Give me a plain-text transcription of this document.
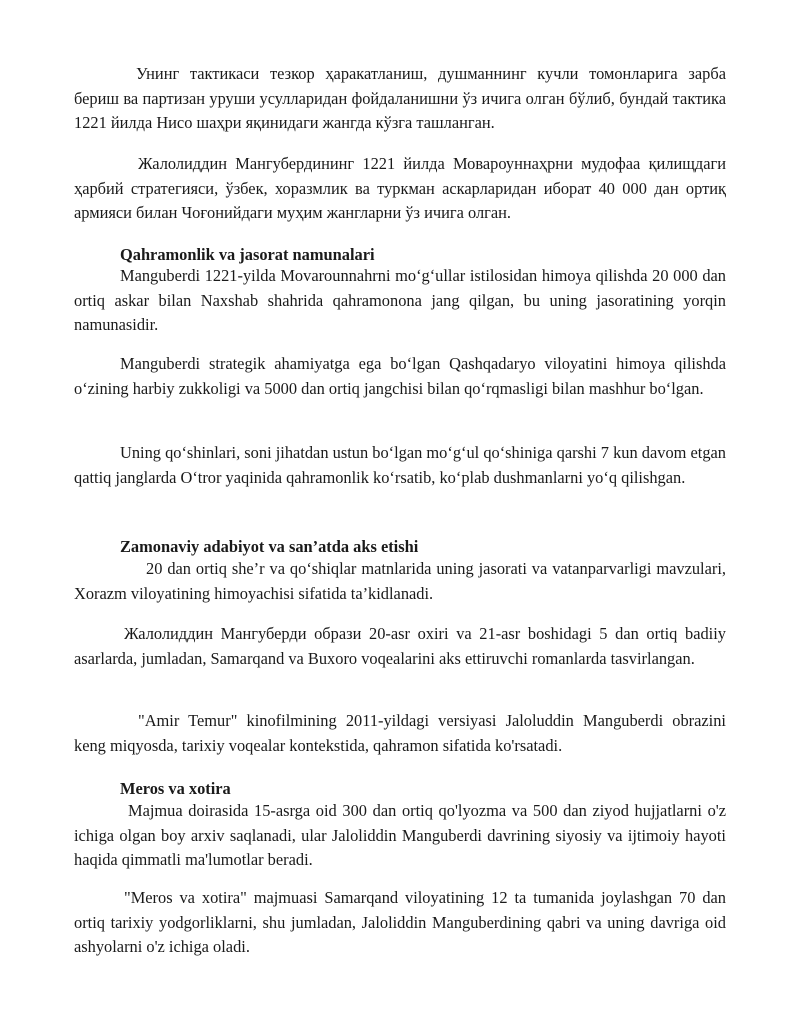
Унинг тактикаси тезкор ҳаракатланиш, душманнинг кучли томонларига зарба бериш ва партизан уруши усулларидан фойдаланишни ўз ичига олган бўлиб, бундай тактика 1221 йилда Нисо шаҳри яқинидаги жангда кўзга ташланган.

Жалолиддин Мангубердининг 1221 йилда Мовароуннаҳрни мудофаа қилищдаги ҳарбий стратегияси, ўзбек, хоразмлик ва туркман аскарларидан иборат 40 000 дан ортиқ армияси билан Чоғонийдаги муҳим жангларни ўз ичига олган.

Qahramonlik va jasorat namunalari

Manguberdi 1221-yilda Movarounnahrni moʻgʻullar istilosidan himoya qilishda 20 000 dan ortiq askar bilan Naxshab shahrida qahramonona jang qilgan, bu uning jasoratining yorqin namunasidir.

Manguberdi strategik ahamiyatga ega boʻlgan Qashqadaryo viloyatini himoya qilishda oʻzining harbiy zukkoligi va 5000 dan ortiq jangchisi bilan qoʻrqmasligi bilan mashhur boʻlgan.

Uning qoʻshinlari, soni jihatdan ustun boʻlgan moʻgʻul qoʻshiniga qarshi 7 kun davom etgan qattiq janglarda Oʻtror yaqinida qahramonlik koʻrsatib, koʻplab dushmanlarni yoʻq qilishgan.

Zamonaviy adabiyot va san’atda aks etishi

20 dan ortiq she’r va qoʻshiqlar matnlarida uning jasorati va vatanparvarligi mavzulari, Xorazm viloyatining himoyachisi sifatida ta’kidlanadi.

Жалолиддин Мангуберди образи 20-asr oxiri va 21-asr boshidagi 5 dan ortiq badiiy asarlarda, jumladan, Samarqand va Buxoro voqealarini aks ettiruvchi romanlarda tasvirlangan.

"Amir Temur" kinofilmining 2011-yildagi versiyasi Jaloluddin Manguberdi obrazini keng miqyosda, tarixiy voqealar kontekstida, qahramon sifatida ko'rsatadi.

Meros va xotira

Majmua doirasida 15-asrga oid 300 dan ortiq qo'lyozma va 500 dan ziyod hujjatlarni o'z ichiga olgan boy arxiv saqlanadi, ular Jaloliddin Manguberdi davrining siyosiy va ijtimoiy hayoti haqida qimmatli ma'lumotlar beradi.

"Meros va xotira" majmuasi Samarqand viloyatining 12 ta tumanida joylashgan 70 dan ortiq tarixiy yodgorliklarni, shu jumladan, Jaloliddin Manguberdining qabri va uning davriga oid ashyolarni o'z ichiga oladi.
